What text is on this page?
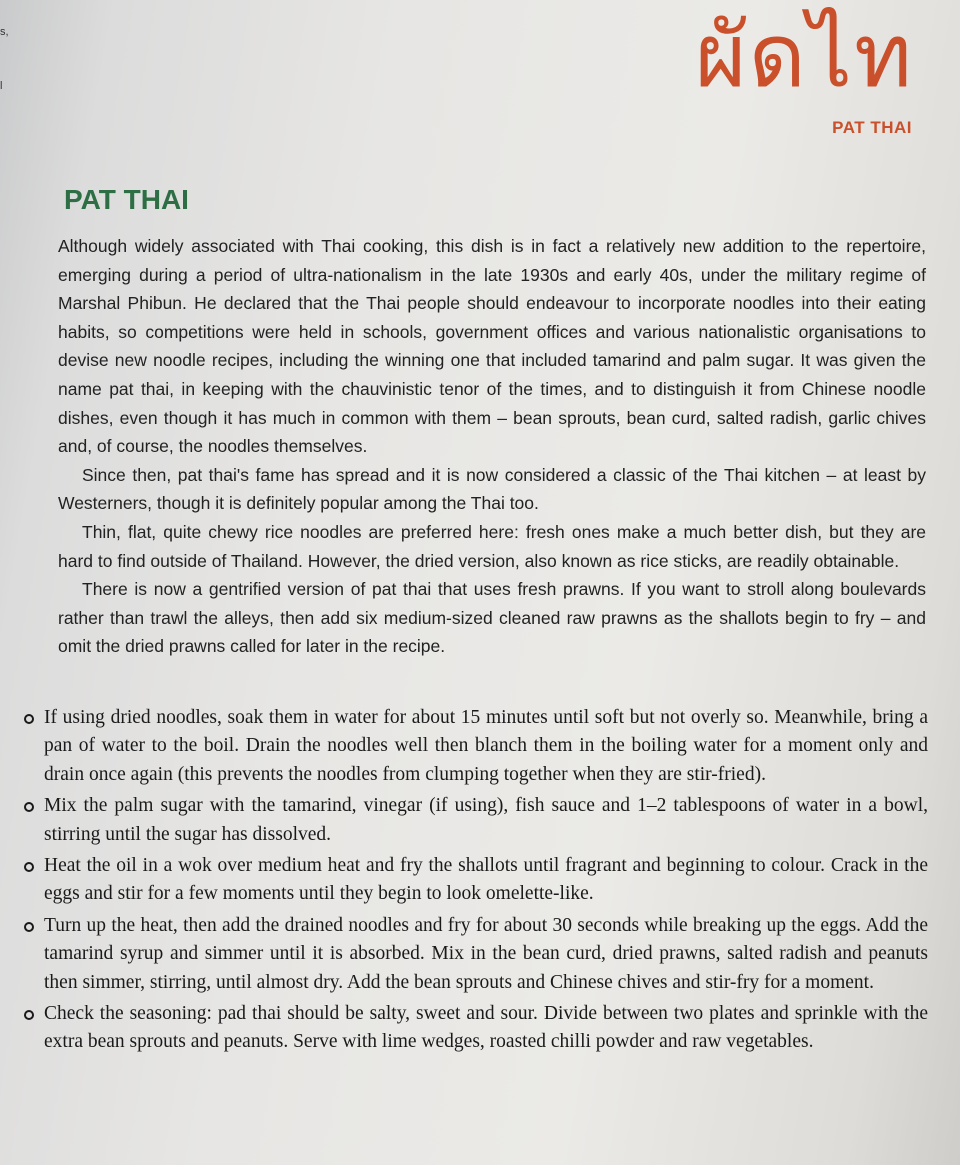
s,
l	ผัดไท
PAT THAI
PAT THAI

Although widely associated with Thai cooking, this dish is in fact a relatively new addition to the repertoire, emerging during a period of ultra-nationalism in the late 1930s and early 40s, under the military regime of Marshal Phibun. He declared that the Thai people should endeavour to incorporate noodles into their eating habits, so competitions were held in schools, government offices and various nationalistic organisations to devise new noodle recipes, including the winning one that included tamarind and palm sugar. It was given the name pat thai, in keeping with the chauvinistic tenor of the times, and to distinguish it from Chinese noodle dishes, even though it has much in common with them – bean sprouts, bean curd, salted radish, garlic chives and, of course, the noodles themselves.

Since then, pat thai's fame has spread and it is now considered a classic of the Thai kitchen – at least by Westerners, though it is definitely popular among the Thai too.

Thin, flat, quite chewy rice noodles are preferred here: fresh ones make a much better dish, but they are hard to find outside of Thailand. However, the dried version, also known as rice sticks, are readily obtainable.

There is now a gentrified version of pat thai that uses fresh prawns. If you want to stroll along boulevards rather than trawl the alleys, then add six medium-sized cleaned raw prawns as the shallots begin to fry – and omit the dried prawns called for later in the recipe.

If using dried noodles, soak them in water for about 15 minutes until soft but not overly so. Meanwhile, bring a pan of water to the boil. Drain the noodles well then blanch them in the boiling water for a moment only and drain once again (this prevents the noodles from clumping together when they are stir-fried).
Mix the palm sugar with the tamarind, vinegar (if using), fish sauce and 1–2 tablespoons of water in a bowl, stirring until the sugar has dissolved.
Heat the oil in a wok over medium heat and fry the shallots until fragrant and beginning to colour. Crack in the eggs and stir for a few moments until they begin to look omelette-like.
Turn up the heat, then add the drained noodles and fry for about 30 seconds while breaking up the eggs. Add the tamarind syrup and simmer until it is absorbed. Mix in the bean curd, dried prawns, salted radish and peanuts then simmer, stirring, until almost dry. Add the bean sprouts and Chinese chives and stir-fry for a moment.
Check the seasoning: pad thai should be salty, sweet and sour. Divide between two plates and sprinkle with the extra bean sprouts and peanuts. Serve with lime wedges, roasted chilli powder and raw vegetables.
